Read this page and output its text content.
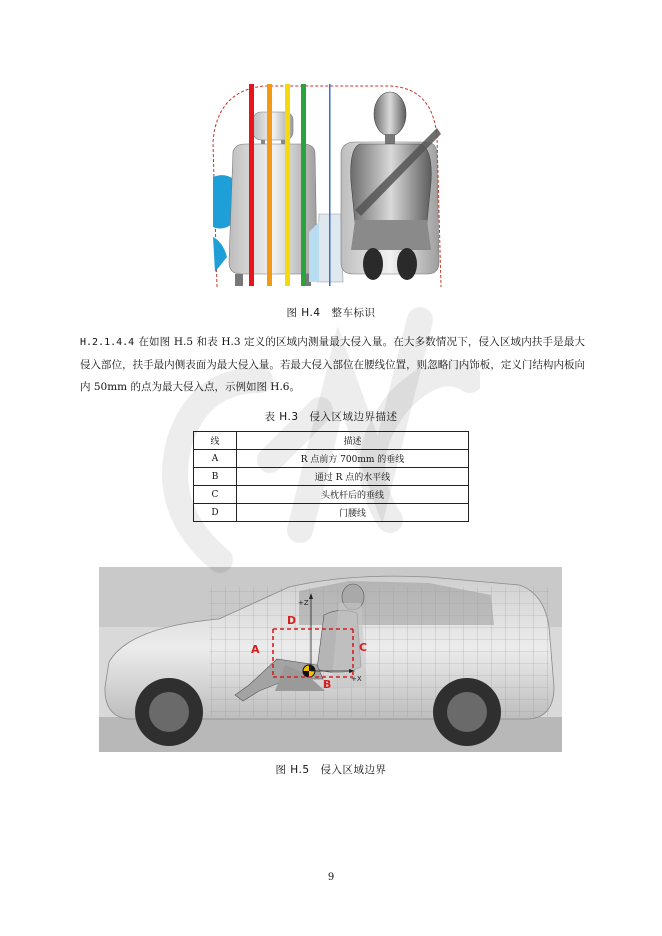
图 H.4　整车标识
H.2.1.4.4 在如图 H.5 和表 H.3 定义的区域内测量最大侵入量。在大多数情况下，侵入区域内扶手是最大侵入部位，扶手最内侧表面为最大侵入量。若最大侵入部位在腰线位置，则忽略门内饰板，定义门结构内板向内 50mm 的点为最大侵入点，示例如图 H.6。
表 H.3　侵入区域边界描述
线	描述
A	R 点前方 700mm 的垂线
B	通过 R 点的水平线
C	头枕杆后的垂线
D	门腰线
+Z
+X
A
B
C
D
图 H.5　侵入区域边界
9
